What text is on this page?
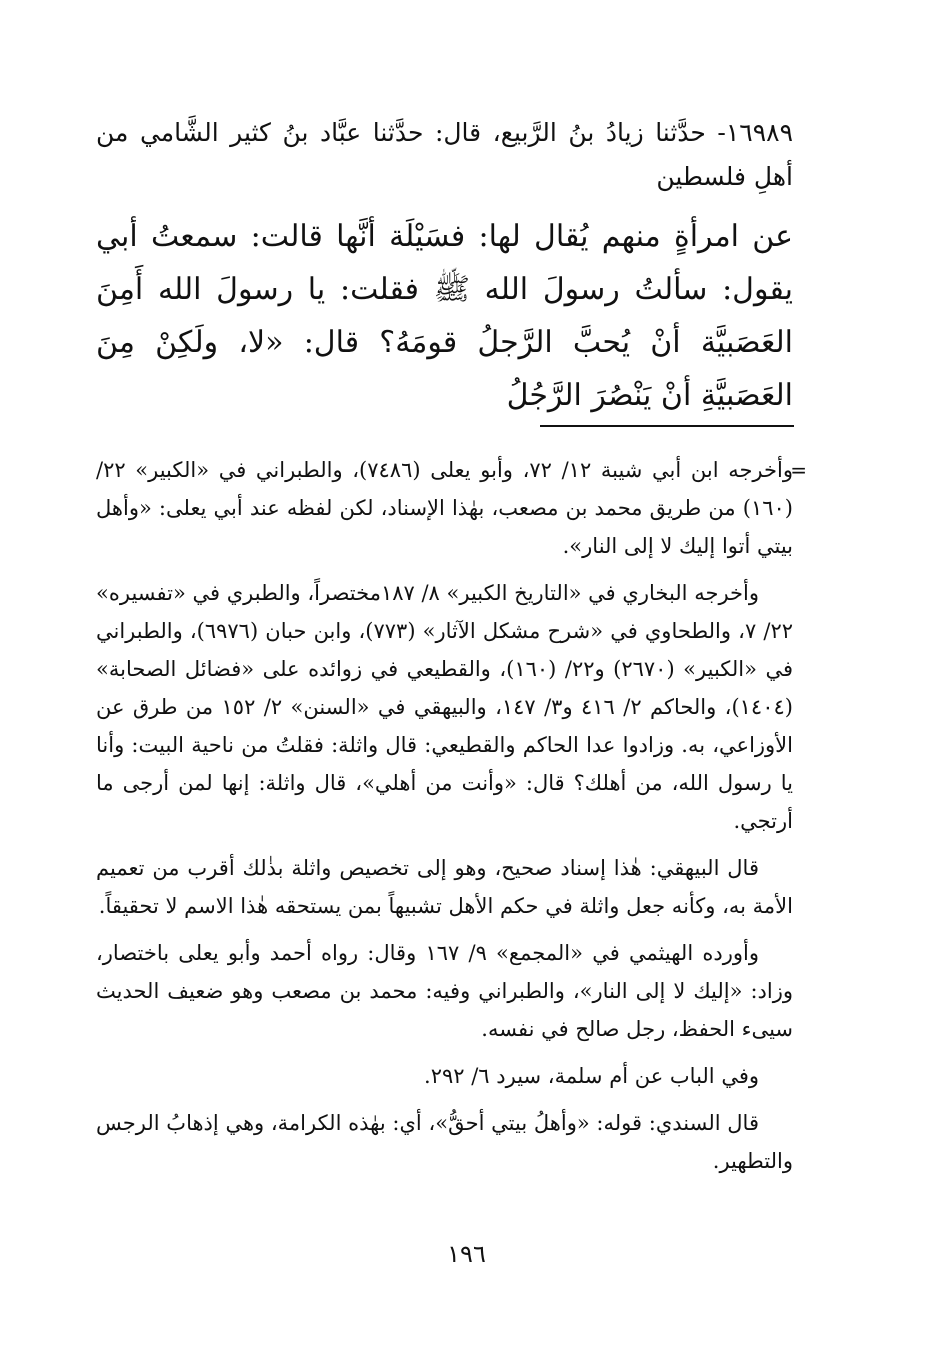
١٦٩٨٩- حدَّثنا زيادُ بنُ الرَّبيع، قال: حدَّثنا عبَّاد بنُ كثير الشَّامي من أهلِ فلسطين

عن امرأةٍ منهم يُقال لها: فسَيْلَة أنَّها قالت: سمعتُ أبي يقول: سألتُ رسولَ الله ﷺ فقلت: يا رسولَ الله أَمِنَ العَصَبيَّة أنْ يُحبَّ الرَّجلُ قومَهُ؟ قال: «لا، ولَكِنْ مِنَ العَصَبيَّةِ أنْ يَنْصُرَ الرَّجُلُ

=

وأخرجه ابن أبي شيبة ١٢/ ٧٢، وأبو يعلى (٧٤٨٦)، والطبراني في «الكبير» ٢٢/ (١٦٠) من طريق محمد بن مصعب، بهٰذا الإسناد، لكن لفظه عند أبي يعلى: «وأهل بيتي أتوا إليك لا إلى النار».

وأخرجه البخاري في «التاريخ الكبير» ٨/ ١٨٧مختصراً، والطبري في «تفسيره» ٢٢/ ٧، والطحاوي في «شرح مشكل الآثار» (٧٧٣)، وابن حبان (٦٩٧٦)، والطبراني في «الكبير» (٢٦٧٠) و٢٢/ (١٦٠)، والقطيعي في زوائده على «فضائل الصحابة» (١٤٠٤)، والحاكم ٢/ ٤١٦ و٣/ ١٤٧، والبيهقي في «السنن» ٢/ ١٥٢ من طرق عن الأوزاعي، به. وزادوا عدا الحاكم والقطيعي: قال واثلة: فقلتُ من ناحية البيت: وأنا يا رسول الله، من أهلك؟ قال: «وأنت من أهلي»، قال واثلة: إنها لمن أرجى ما أرتجي.

قال البيهقي: هٰذا إسناد صحيح، وهو إلى تخصيص واثلة بذٰلك أقرب من تعميم الأمة به، وكأنه جعل واثلة في حكم الأهل تشبيهاً بمن يستحقه هٰذا الاسم لا تحقيقاً.

وأورده الهيثمي في «المجمع» ٩/ ١٦٧ وقال: رواه أحمد وأبو يعلى باختصار، وزاد: «إليك لا إلى النار»، والطبراني وفيه: محمد بن مصعب وهو ضعيف الحديث سيىء الحفظ، رجل صالح في نفسه.

وفي الباب عن أم سلمة، سيرد ٦/ ٢٩٢.

قال السندي: قوله: «وأهلُ بيتي أحقُّ»، أي: بهٰذه الكرامة، وهي إذهابُ الرجس والتطهير.

١٩٦
